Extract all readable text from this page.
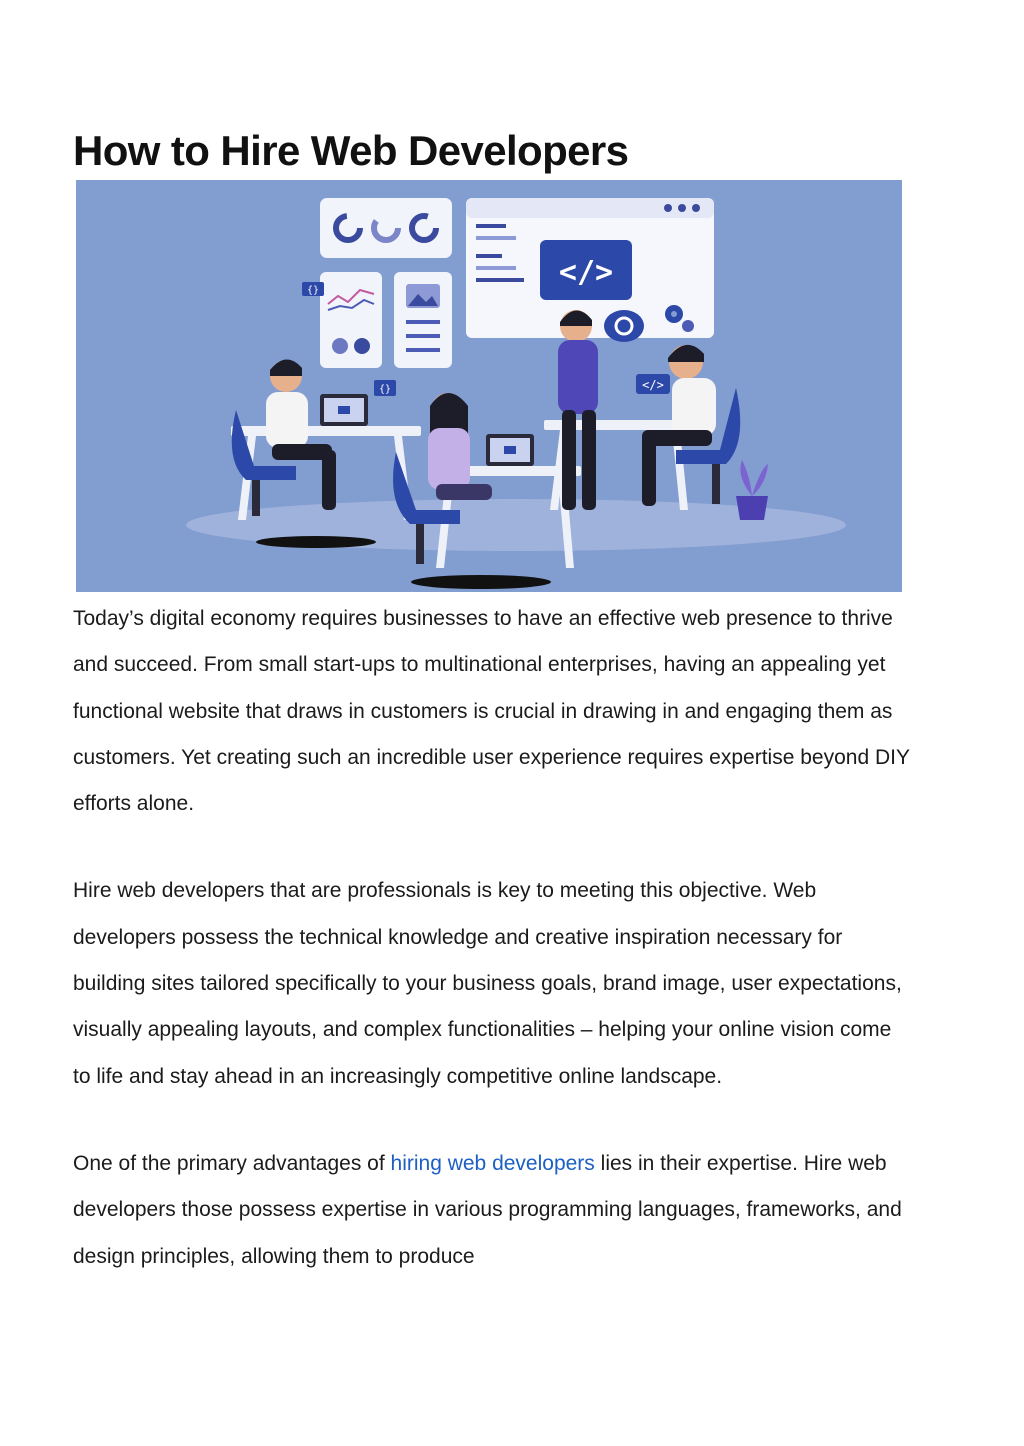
How to Hire Web Developers
</>
{}
{}	</>

Today’s digital economy requires businesses to have an effective web presence to thrive and succeed. From small start-ups to multinational enterprises, having an appealing yet functional website that draws in customers is crucial in drawing in and engaging them as customers. Yet creating such an incredible user experience requires expertise beyond DIY efforts alone.

Hire web developers that are professionals is key to meeting this objective. Web developers possess the technical knowledge and creative inspiration necessary for building sites tailored specifically to your business goals, brand image, user expectations, visually appealing layouts, and complex functionalities – helping your online vision come to life and stay ahead in an increasingly competitive online landscape.

One of the primary advantages of hiring web developers lies in their expertise. Hire web developers those possess expertise in various programming languages, frameworks, and design principles, allowing them to produce
